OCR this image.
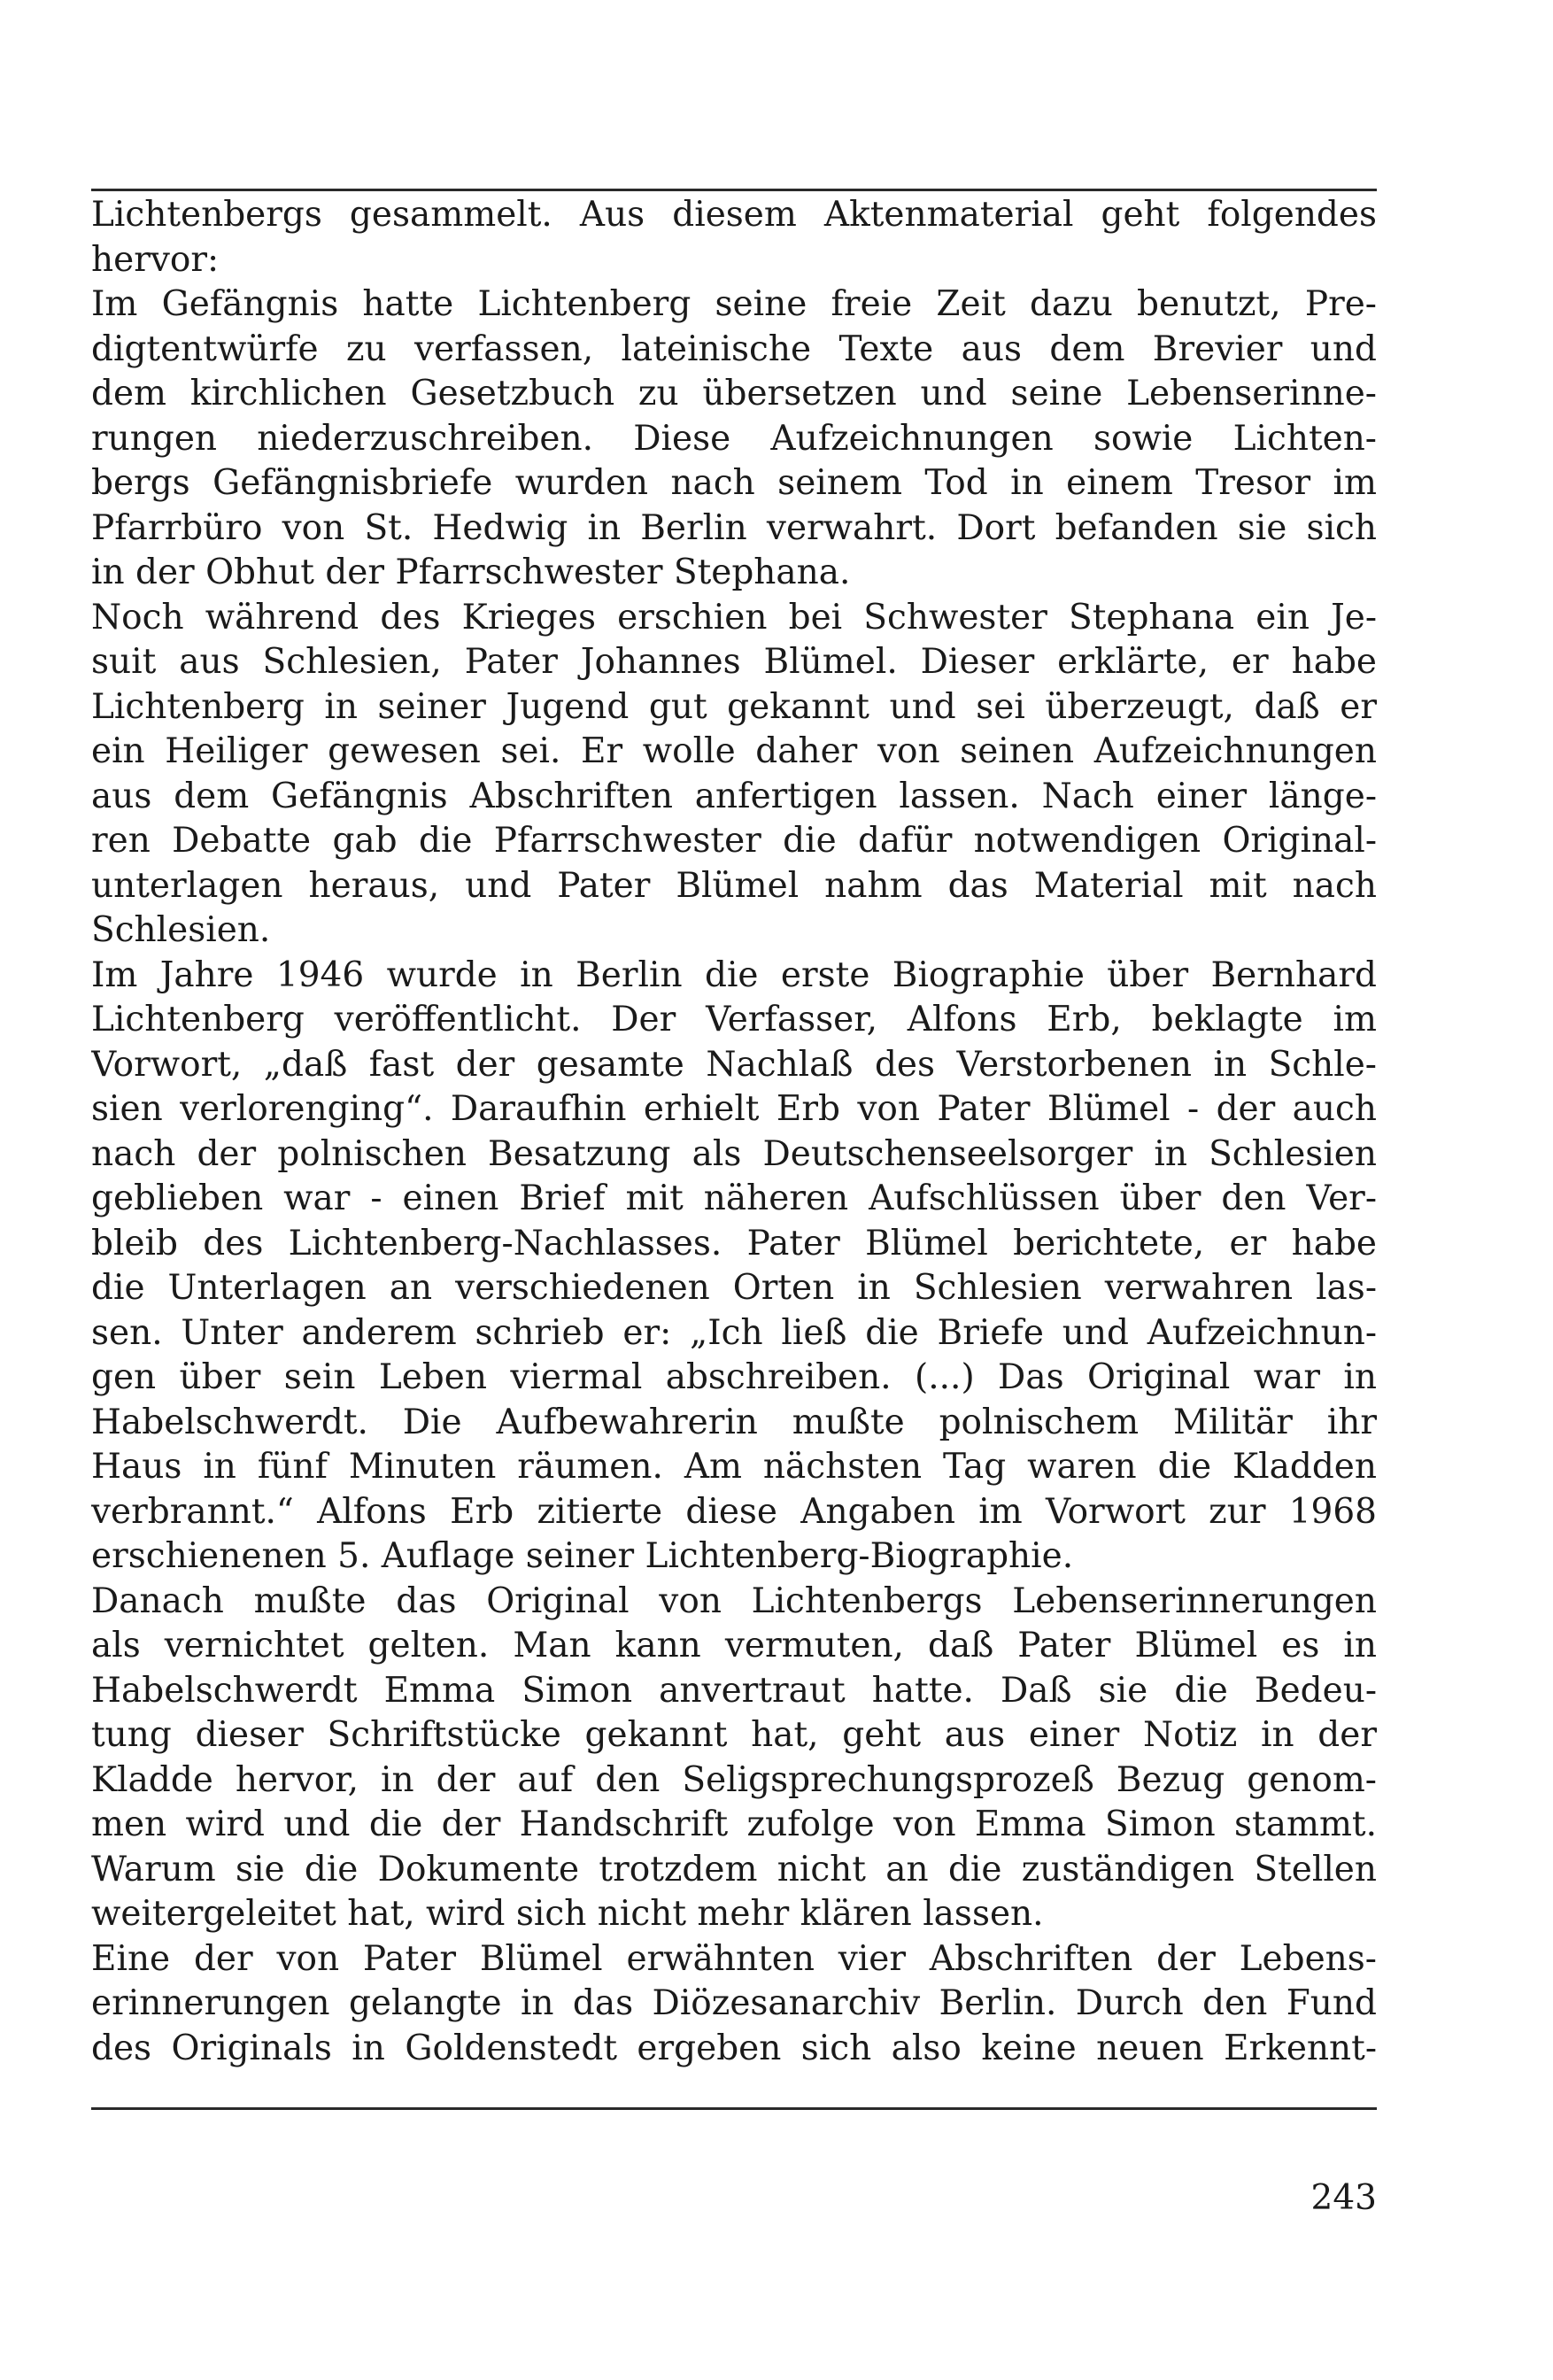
Lichtenbergs gesammelt. Aus diesem Aktenmaterial geht folgendes
hervor:
Im Gefängnis hatte Lichtenberg seine freie Zeit dazu benutzt, Pre-
digtentwürfe zu verfassen, lateinische Texte aus dem Brevier und
dem kirchlichen Gesetzbuch zu übersetzen und seine Lebenserinne-
rungen niederzuschreiben. Diese Aufzeichnungen sowie Lichten-
bergs Gefängnisbriefe wurden nach seinem Tod in einem Tresor im
Pfarrbüro von St. Hedwig in Berlin verwahrt. Dort befanden sie sich
in der Obhut der Pfarrschwester Stephana.
Noch während des Krieges erschien bei Schwester Stephana ein Je-
suit aus Schlesien, Pater Johannes Blümel. Dieser erklärte, er habe
Lichtenberg in seiner Jugend gut gekannt und sei überzeugt, daß er
ein Heiliger gewesen sei. Er wolle daher von seinen Aufzeichnungen
aus dem Gefängnis Abschriften anfertigen lassen. Nach einer länge-
ren Debatte gab die Pfarrschwester die dafür notwendigen Original-
unterlagen heraus, und Pater Blümel nahm das Material mit nach
Schlesien.
Im Jahre 1946 wurde in Berlin die erste Biographie über Bernhard
Lichtenberg veröffentlicht. Der Verfasser, Alfons Erb, beklagte im
Vorwort, „daß fast der gesamte Nachlaß des Verstorbenen in Schle-
sien verlorenging“. Daraufhin erhielt Erb von Pater Blümel - der auch
nach der polnischen Besatzung als Deutschenseelsorger in Schlesien
geblieben war - einen Brief mit näheren Aufschlüssen über den Ver-
bleib des Lichtenberg-Nachlasses. Pater Blümel berichtete, er habe
die Unterlagen an verschiedenen Orten in Schlesien verwahren las-
sen. Unter anderem schrieb er: „Ich ließ die Briefe und Aufzeichnun-
gen über sein Leben viermal abschreiben. (...) Das Original war in
Habelschwerdt. Die Aufbewahrerin mußte polnischem Militär ihr
Haus in fünf Minuten räumen. Am nächsten Tag waren die Kladden
verbrannt.“ Alfons Erb zitierte diese Angaben im Vorwort zur 1968
erschienenen 5. Auflage seiner Lichtenberg-Biographie.
Danach mußte das Original von Lichtenbergs Lebenserinnerungen
als vernichtet gelten. Man kann vermuten, daß Pater Blümel es in
Habelschwerdt Emma Simon anvertraut hatte. Daß sie die Bedeu-
tung dieser Schriftstücke gekannt hat, geht aus einer Notiz in der
Kladde hervor, in der auf den Seligsprechungsprozeß Bezug genom-
men wird und die der Handschrift zufolge von Emma Simon stammt.
Warum sie die Dokumente trotzdem nicht an die zuständigen Stellen
weitergeleitet hat, wird sich nicht mehr klären lassen.
Eine der von Pater Blümel erwähnten vier Abschriften der Lebens-
erinnerungen gelangte in das Diözesanarchiv Berlin. Durch den Fund
des Originals in Goldenstedt ergeben sich also keine neuen Erkennt-
243
